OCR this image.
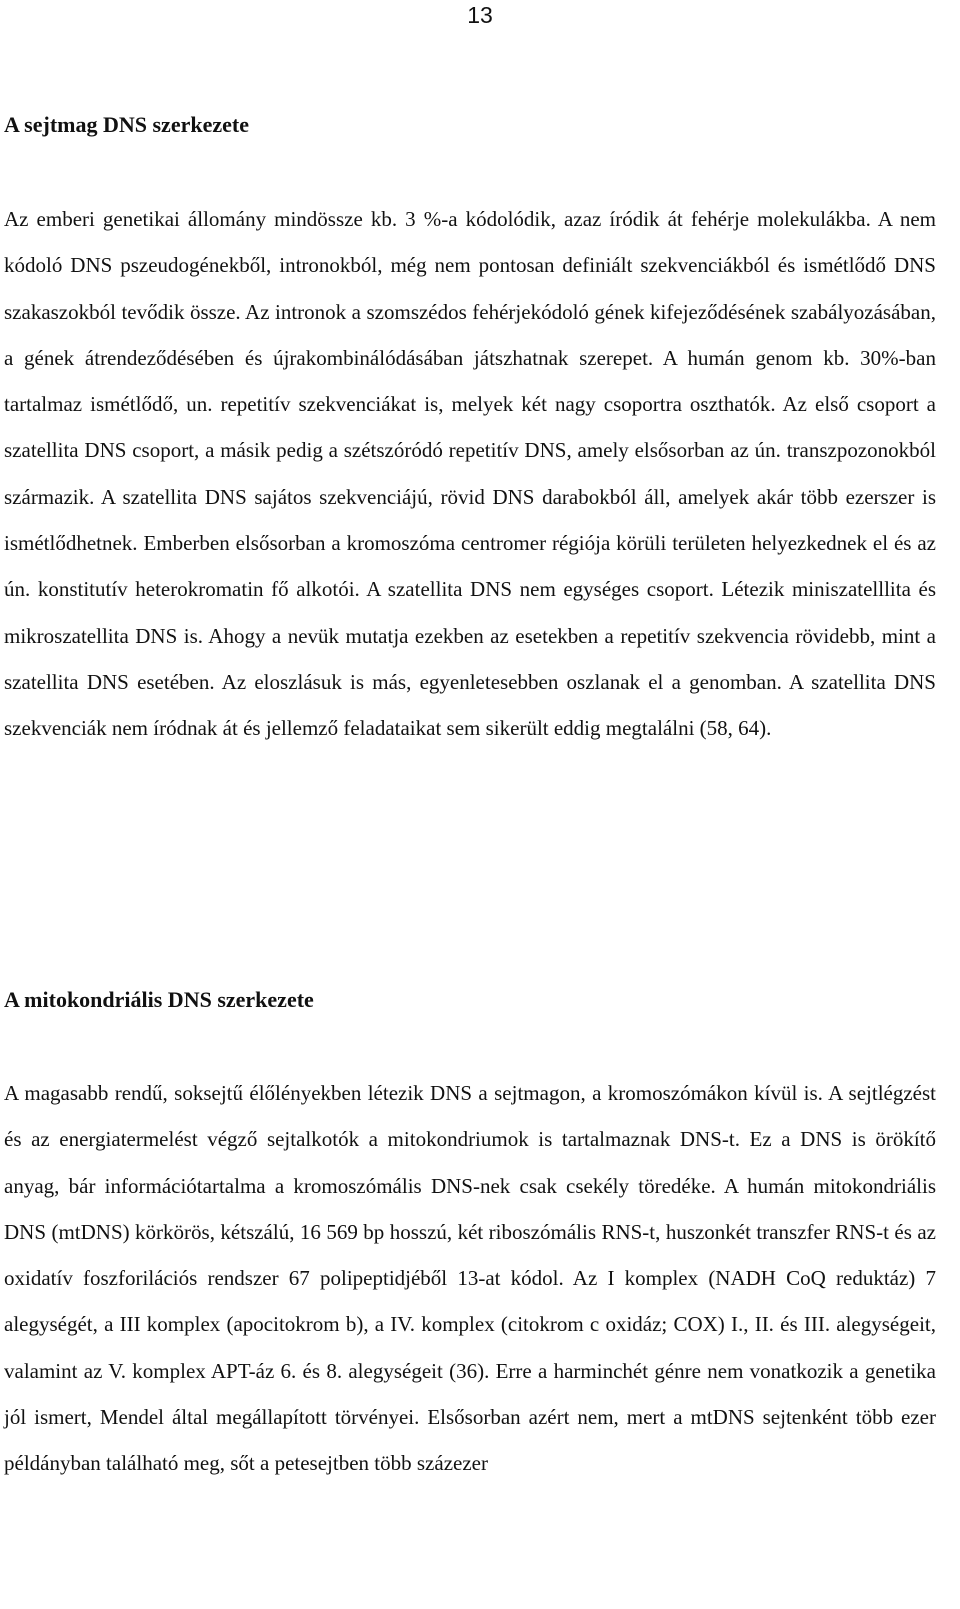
13
A sejtmag DNS szerkezete

Az emberi genetikai állomány mindössze kb. 3 %-a kódolódik, azaz íródik át fehérje molekulákba. A nem kódoló DNS pszeudogénekből, intronokból, még nem pontosan definiált szekvenciákból és ismétlődő DNS szakaszokból tevődik össze. Az intronok a szomszédos fehérjekódoló gének kifejeződésének szabályozásában, a gének átrendeződésében és újrakombinálódásában játszhatnak szerepet. A humán genom kb. 30%-ban tartalmaz ismétlődő, un. repetitív szekvenciákat is, melyek két nagy csoportra oszthatók. Az első csoport a szatellita DNS csoport, a másik pedig a szétszóródó repetitív DNS, amely elsősorban az ún. transzpozonokból származik. A szatellita DNS sajátos szekvenciájú, rövid DNS darabokból áll, amelyek akár több ezerszer is ismétlődhetnek. Emberben elsősorban a kromoszóma centromer régiója körüli területen helyezkednek el és az ún. konstitutív heterokromatin fő alkotói. A szatellita DNS nem egységes csoport. Létezik miniszatelllita és mikroszatellita DNS is. Ahogy a nevük mutatja ezekben az esetekben a repetitív szekvencia rövidebb, mint a szatellita DNS esetében. Az eloszlásuk is más, egyenletesebben oszlanak el a genomban. A szatellita DNS szekvenciák nem íródnak át és jellemző feladataikat sem sikerült eddig megtalálni (58, 64).

A mitokondriális DNS szerkezete

A magasabb rendű, soksejtű élőlényekben létezik DNS a sejtmagon, a kromoszómákon kívül is. A sejtlégzést és az energiatermelést végző sejtalkotók a mitokondriumok is tartalmaznak DNS-t. Ez a DNS is örökítő anyag, bár információtartalma a kromoszómális DNS-nek csak csekély töredéke. A humán mitokondriális DNS (mtDNS) körkörös, kétszálú, 16 569 bp hosszú, két riboszómális RNS-t, huszonkét transzfer RNS-t és az oxidatív foszforilációs rendszer 67 polipeptidjéből 13-at kódol. Az I komplex (NADH CoQ reduktáz) 7 alegységét, a III komplex (apocitokrom b), a IV. komplex (citokrom c oxidáz; COX) I., II. és III. alegységeit, valamint az V. komplex APT-áz 6. és 8. alegységeit (36). Erre a harminchét génre nem vonatkozik a genetika jól ismert, Mendel által megállapított törvényei. Elsősorban azért nem, mert a mtDNS sejtenként több ezer példányban található meg, sőt a petesejtben több százezer
